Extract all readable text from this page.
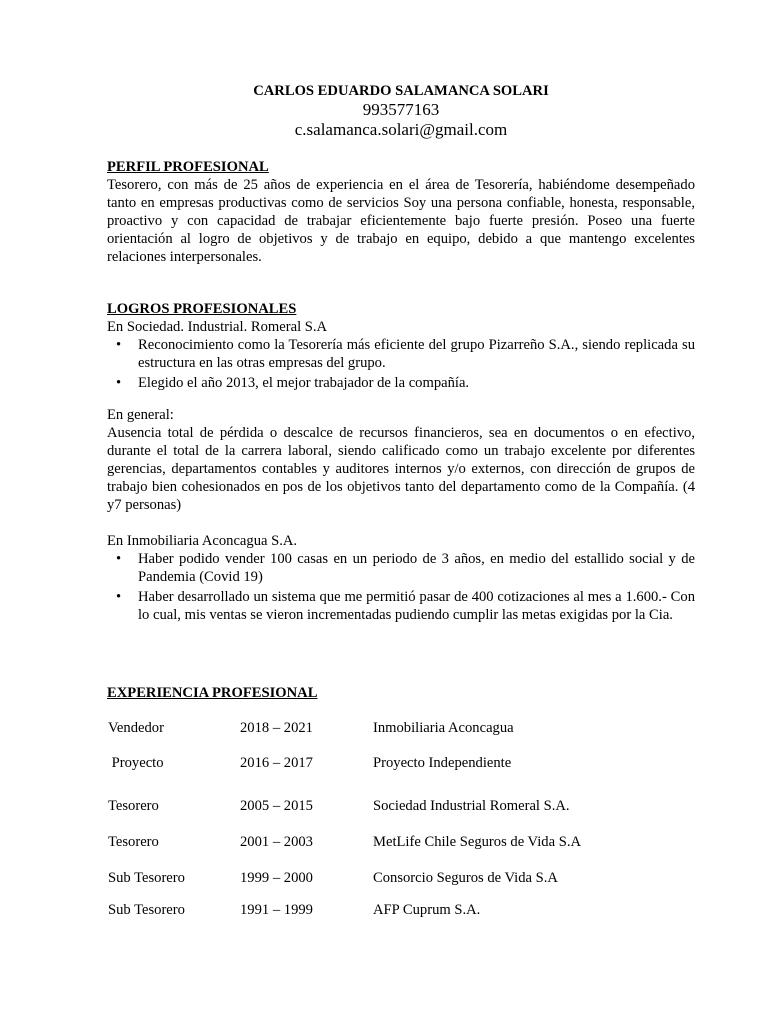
CARLOS EDUARDO SALAMANCA SOLARI
993577163
c.salamanca.solari@gmail.com

PERFIL PROFESIONAL

Tesorero, con más de 25 años de experiencia en el área de Tesorería, habiéndome desempeñado tanto en empresas productivas como de servicios Soy una persona confiable, honesta, responsable, proactivo y con capacidad de trabajar eficientemente bajo fuerte presión. Poseo una fuerte orientación al logro de objetivos y de trabajo en equipo, debido a que mantengo excelentes relaciones interpersonales.

LOGROS PROFESIONALES

En Sociedad. Industrial. Romeral S.A

• Reconocimiento como la Tesorería más eficiente del grupo Pizarreño S.A., siendo replicada su estructura en las otras empresas del grupo.
• Elegido el año 2013, el mejor trabajador de la compañía.

En general:

Ausencia total de pérdida o descalce de recursos financieros, sea en documentos o en efectivo, durante el total de la carrera laboral, siendo calificado como un trabajo excelente por diferentes gerencias, departamentos contables y auditores internos y/o externos, con dirección de grupos de trabajo bien cohesionados en pos de los objetivos tanto del departamento como de la Compañía. (4 y7 personas)

En Inmobiliaria Aconcagua S.A.

• Haber podido vender 100 casas en un periodo de 3 años, en medio del estallido social y de Pandemia (Covid 19)
• Haber desarrollado un sistema que me permitió pasar de 400 cotizaciones al mes a 1.600.- Con lo cual, mis ventas se vieron incrementadas pudiendo cumplir las metas exigidas por la Cia.

EXPERIENCIA PROFESIONAL

Vendedor	2018 – 2021	Inmobiliaria Aconcagua
Proyecto	2016 – 2017	Proyecto Independiente
Tesorero	2005 – 2015	Sociedad Industrial Romeral S.A.
Tesorero	2001 – 2003	MetLife Chile Seguros de Vida S.A
Sub Tesorero	1999 – 2000	Consorcio Seguros de Vida S.A
Sub Tesorero	1991 – 1999	AFP Cuprum S.A.
